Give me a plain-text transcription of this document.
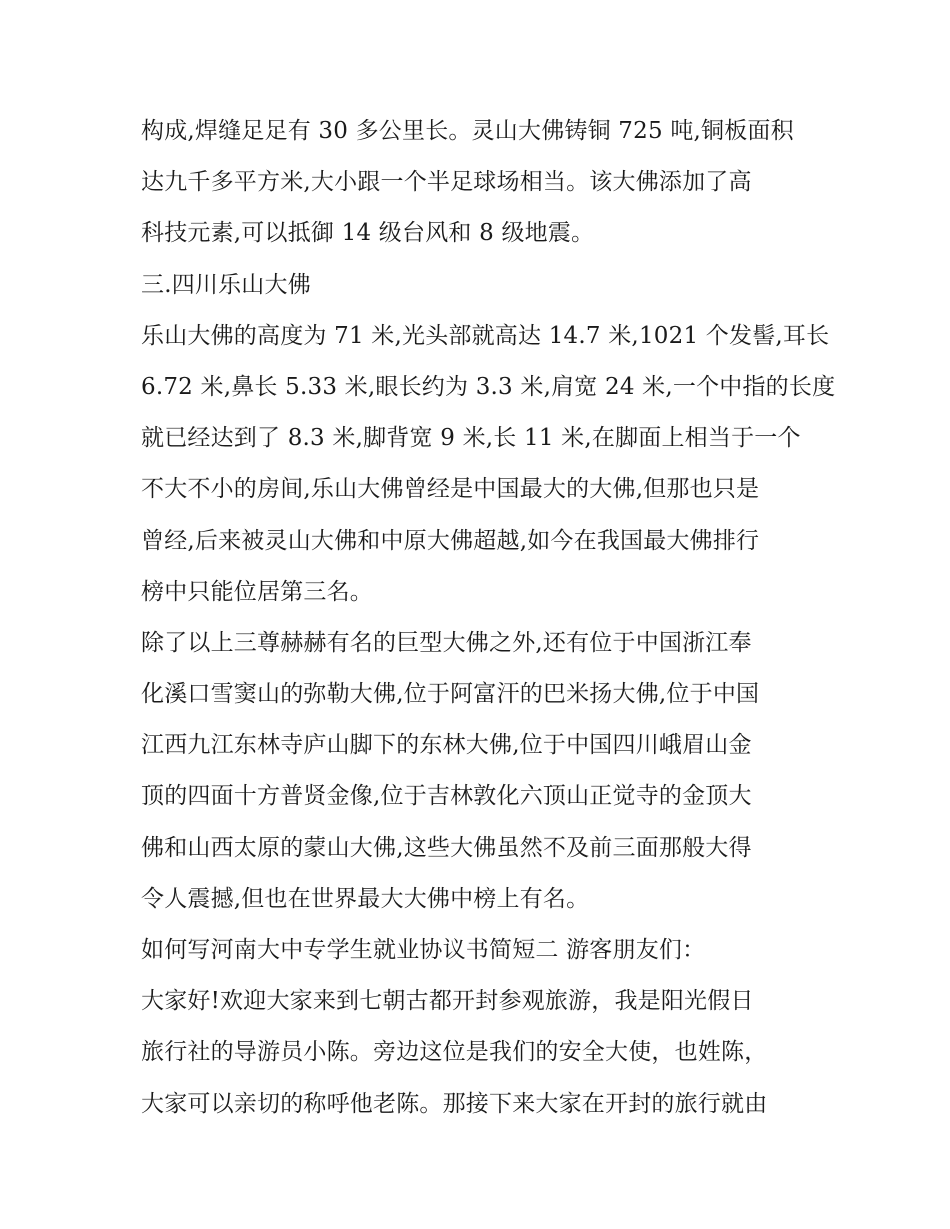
构成,焊缝足足有 30 多公里长。灵山大佛铸铜 725 吨,铜板面积
达九千多平方米,大小跟一个半足球场相当。该大佛添加了高
科技元素,可以抵御 14 级台风和 8 级地震。
三.四川乐山大佛
乐山大佛的高度为 71 米,光头部就高达 14.7 米,1021 个发髻,耳长
6.72 米,鼻长 5.33 米,眼长约为 3.3 米,肩宽 24 米,一个中指的长度
就已经达到了 8.3 米,脚背宽 9 米,长 11 米,在脚面上相当于一个
不大不小的房间,乐山大佛曾经是中国最大的大佛,但那也只是
曾经,后来被灵山大佛和中原大佛超越,如今在我国最大佛排行
榜中只能位居第三名。
除了以上三尊赫赫有名的巨型大佛之外,还有位于中国浙江奉
化溪口雪窦山的弥勒大佛,位于阿富汗的巴米扬大佛,位于中国
江西九江东林寺庐山脚下的东林大佛,位于中国四川峨眉山金
顶的四面十方普贤金像,位于吉林敦化六顶山正觉寺的金顶大
佛和山西太原的蒙山大佛,这些大佛虽然不及前三面那般大得
令人震撼,但也在世界最大大佛中榜上有名。
如何写河南大中专学生就业协议书简短二 游客朋友们：
大家好!欢迎大家来到七朝古都开封参观旅游，我是阳光假日
旅行社的导游员小陈。旁边这位是我们的安全大使，也姓陈，
大家可以亲切的称呼他老陈。那接下来大家在开封的旅行就由
